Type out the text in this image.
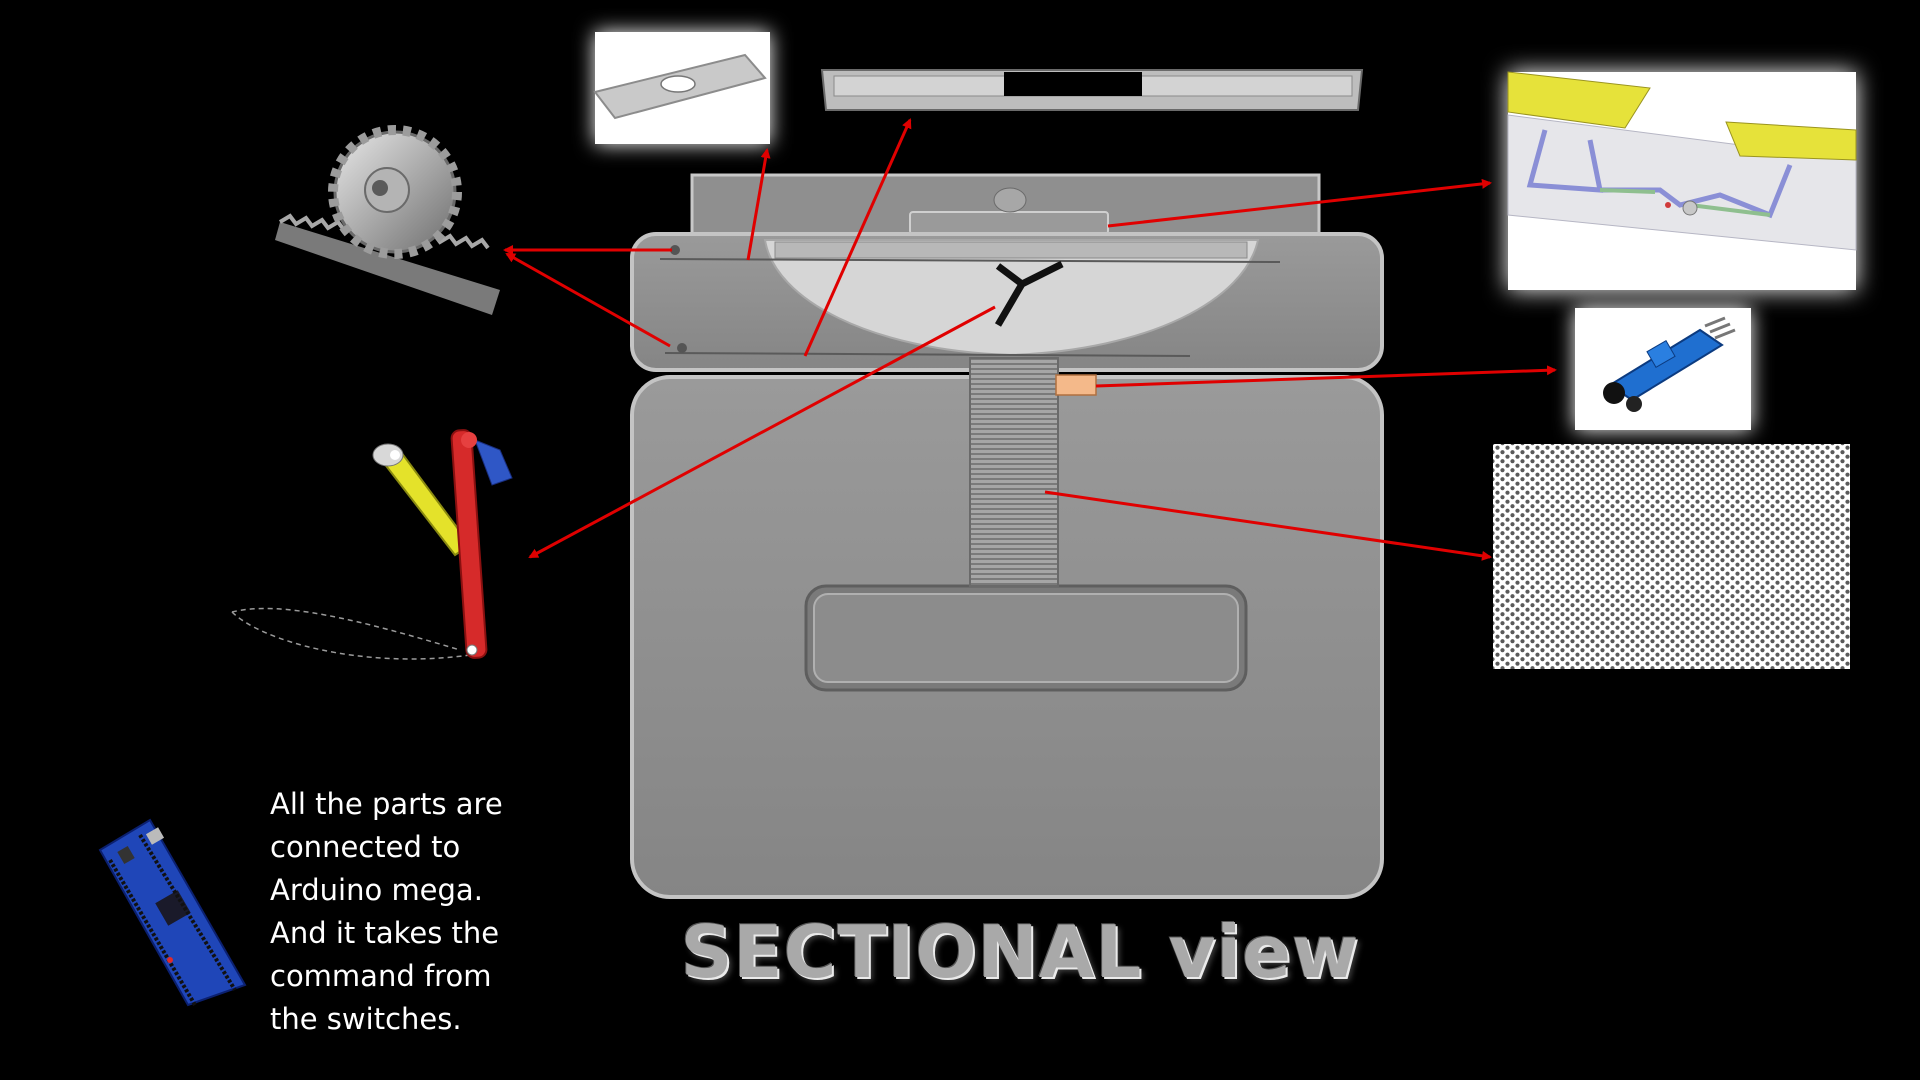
All the parts are
connected to
Arduino mega.
And it takes the
command from
the switches.
SECTIONAL view
